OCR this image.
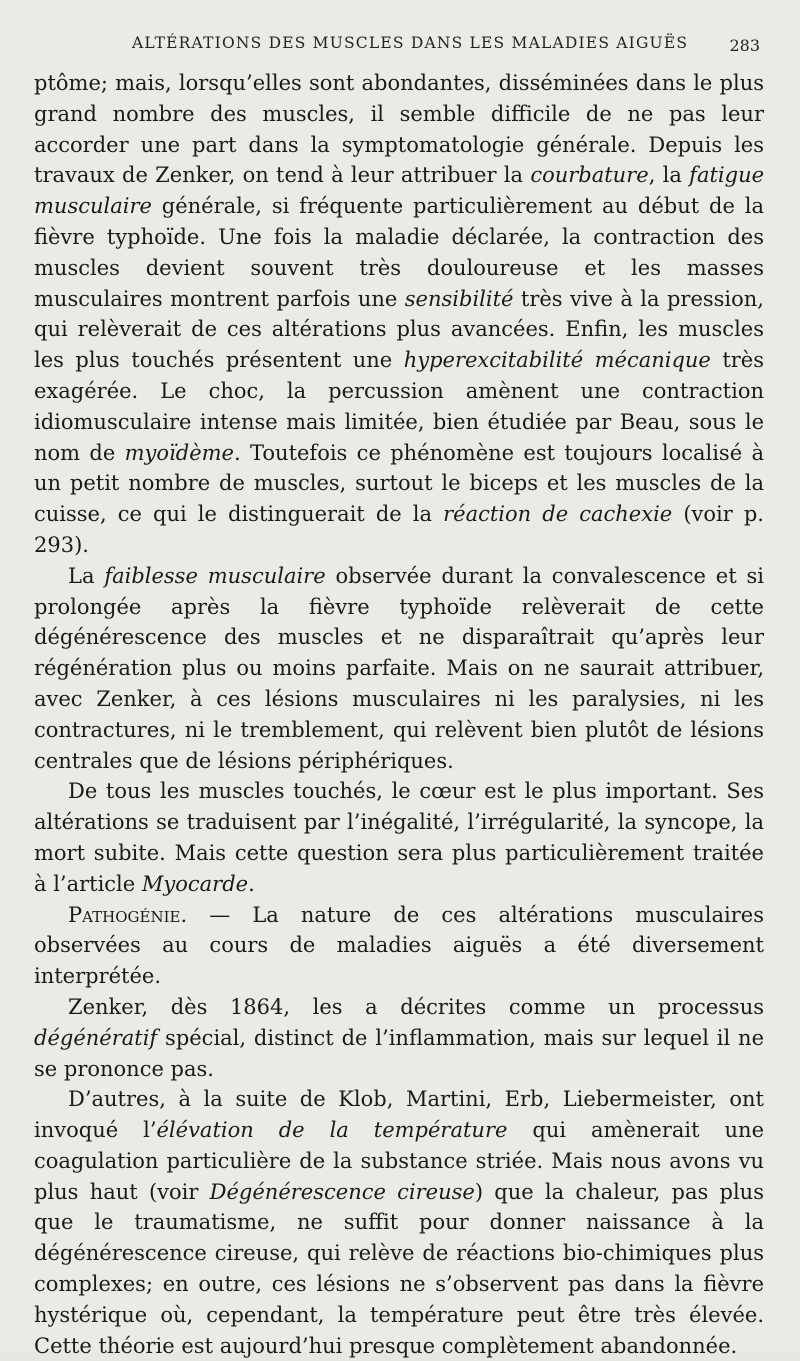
ALTÉRATIONS DES MUSCLES DANS LES MALADIES AIGUËS	283

ptôme; mais, lorsqu’elles sont abondantes, disséminées dans le plus grand nombre des muscles, il semble difficile de ne pas leur accorder une part dans la symptomatologie générale. Depuis les travaux de Zenker, on tend à leur attribuer la courbature, la fatigue musculaire générale, si fréquente particulièrement au début de la fièvre typhoïde. Une fois la maladie déclarée, la contraction des muscles devient souvent très douloureuse et les masses musculaires montrent parfois une sensibilité très vive à la pression, qui relèverait de ces altérations plus avancées. Enfin, les muscles les plus touchés présentent une hyperexcitabilité mécanique très exagérée. Le choc, la percussion amènent une contraction idiomusculaire intense mais limitée, bien étudiée par Beau, sous le nom de myoïdème. Toutefois ce phénomène est toujours localisé à un petit nombre de muscles, surtout le biceps et les muscles de la cuisse, ce qui le distinguerait de la réaction de cachexie (voir p. 293).

La faiblesse musculaire observée durant la convalescence et si prolongée après la fièvre typhoïde relèverait de cette dégénérescence des muscles et ne disparaîtrait qu’après leur régénération plus ou moins parfaite. Mais on ne saurait attribuer, avec Zenker, à ces lésions musculaires ni les paralysies, ni les contractures, ni le tremblement, qui relèvent bien plutôt de lésions centrales que de lésions périphériques.

De tous les muscles touchés, le cœur est le plus important. Ses altérations se traduisent par l’inégalité, l’irrégularité, la syncope, la mort subite. Mais cette question sera plus particulièrement traitée à l’article Myocarde.

Pathogénie. — La nature de ces altérations musculaires observées au cours de maladies aiguës a été diversement interprétée.

Zenker, dès 1864, les a décrites comme un processus dégénératif spécial, distinct de l’inflammation, mais sur lequel il ne se prononce pas.

D’autres, à la suite de Klob, Martini, Erb, Liebermeister, ont invoqué l’élévation de la température qui amènerait une coagulation particulière de la substance striée. Mais nous avons vu plus haut (voir Dégénérescence cireuse) que la chaleur, pas plus que le traumatisme, ne suffit pour donner naissance à la dégénérescence cireuse, qui relève de réactions bio-chimiques plus complexes; en outre, ces lésions ne s’observent pas dans la fièvre hystérique où, cependant, la température peut être très élevée. Cette théorie est aujourd’hui presque complètement abandonnée.
